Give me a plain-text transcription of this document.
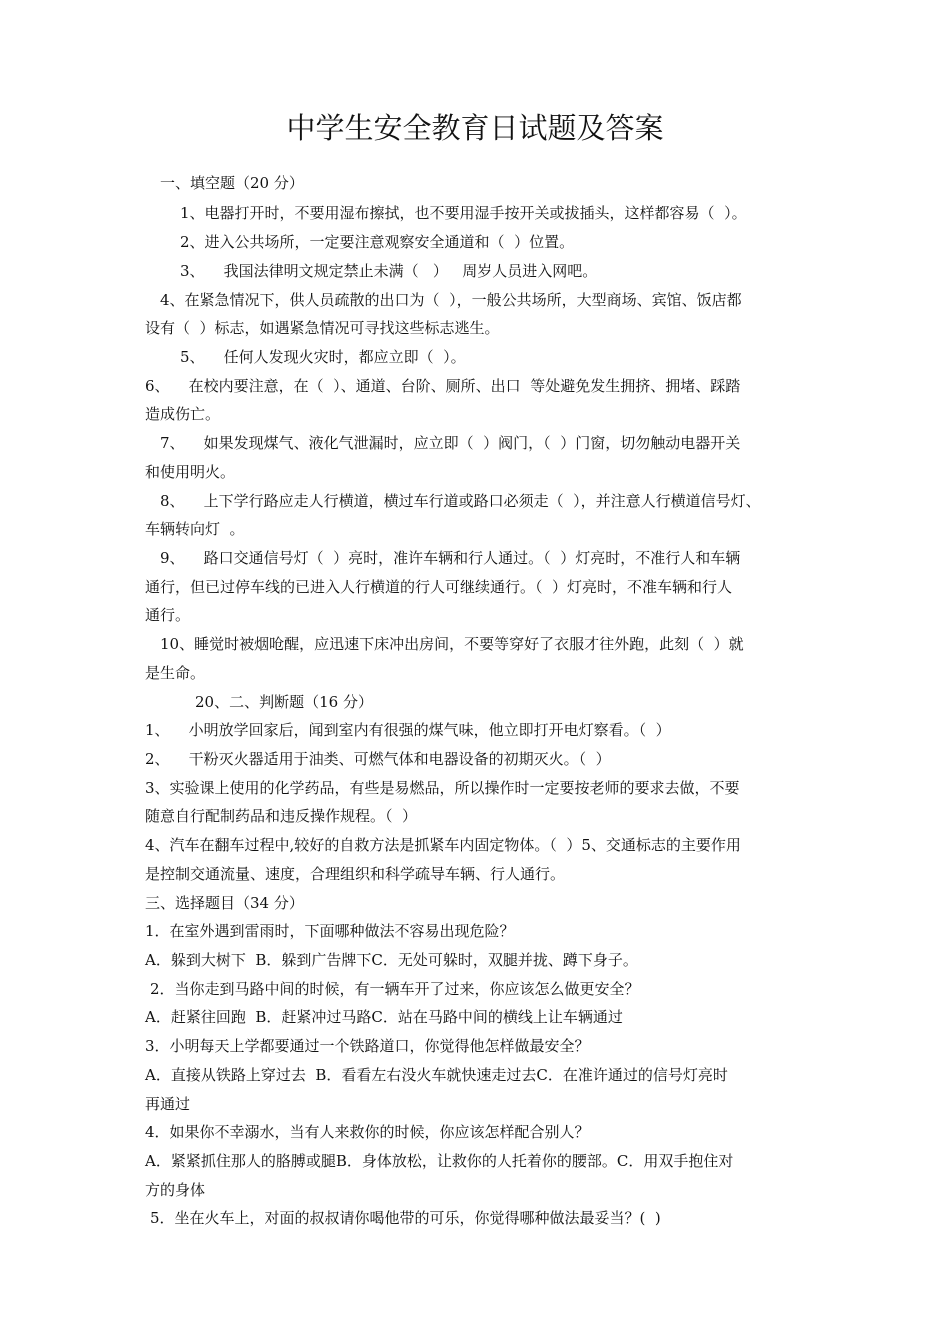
中学生安全教育日试题及答案
一、填空题（20 分）
1、电器打开时，不要用湿布擦拭，也不要用湿手按开关或拔插头，这样都容易（  ）。
2、进入公共场所，一定要注意观察安全通道和（  ）位置。
3、    我国法律明文规定禁止未满（   ）   周岁人员进入网吧。
4、在紧急情况下，供人员疏散的出口为（  ），一般公共场所，大型商场、宾馆、饭店都
设有（  ）标志，如遇紧急情况可寻找这些标志逃生。
5、    任何人发现火灾时，都应立即（  ）。
6、    在校内要注意，在（  ）、通道、台阶、厕所、出口  等处避免发生拥挤、拥堵、踩踏
造成伤亡。
7、    如果发现煤气、液化气泄漏时，应立即（  ）阀门，（  ）门窗，切勿触动电器开关
和使用明火。
8、    上下学行路应走人行横道，横过车行道或路口必须走（  ），并注意人行横道信号灯、
车辆转向灯  。
9、    路口交通信号灯（  ）亮时，准许车辆和行人通过。（  ）灯亮时，不准行人和车辆
通行，但已过停车线的已进入人行横道的行人可继续通行。（  ）灯亮时，不准车辆和行人
通行。
10、睡觉时被烟呛醒，应迅速下床冲出房间，不要等穿好了衣服才往外跑，此刻（  ）就
是生命。
20、二、判断题（16 分）
1、    小明放学回家后，闻到室内有很强的煤气味，他立即打开电灯察看。（  ）
2、    干粉灭火器适用于油类、可燃气体和电器设备的初期灭火。（  ）
3、实验课上使用的化学药品，有些是易燃品，所以操作时一定要按老师的要求去做，不要
随意自行配制药品和违反操作规程。（  ）
4、汽车在翻车过程中,较好的自救方法是抓紧车内固定物体。（  ）5、交通标志的主要作用
是控制交通流量、速度，合理组织和科学疏导车辆、行人通行。
三、选择题目（34 分）
1．在室外遇到雷雨时，下面哪种做法不容易出现危险？
A．躲到大树下  B．躲到广告牌下C．无处可躲时，双腿并拢、蹲下身子。
2．当你走到马路中间的时候，有一辆车开了过来，你应该怎么做更安全？
A．赶紧往回跑  B．赶紧冲过马路C．站在马路中间的横线上让车辆通过
3．小明每天上学都要通过一个铁路道口，你觉得他怎样做最安全？
A．直接从铁路上穿过去  B．看看左右没火车就快速走过去C．在准许通过的信号灯亮时
再通过
4．如果你不幸溺水，当有人来救你的时候，你应该怎样配合别人？
A．紧紧抓住那人的胳膊或腿B．身体放松，让救你的人托着你的腰部。C．用双手抱住对
方的身体
5．坐在火车上，对面的叔叔请你喝他带的可乐，你觉得哪种做法最妥当？(  )
